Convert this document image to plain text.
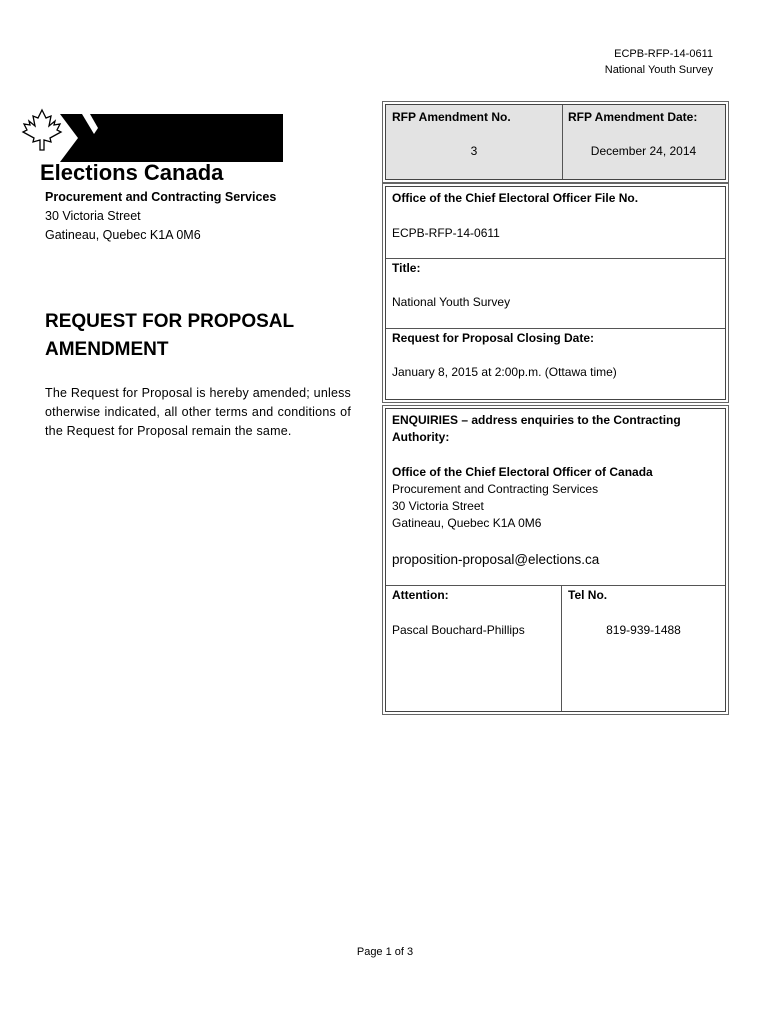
ECPB-RFP-14-0611
National Youth Survey
Elections Canada
Procurement and Contracting Services
30 Victoria Street
Gatineau, Quebec K1A 0M6
REQUEST FOR PROPOSAL
AMENDMENT
The Request for Proposal is hereby amended; unless otherwise indicated, all other terms and conditions of the Request for Proposal remain the same.
RFP Amendment No.
3
RFP Amendment Date:
December 24, 2014
Office of the Chief Electoral Officer File No.
ECPB-RFP-14-0611
Title:
National Youth Survey
Request for Proposal Closing Date:
January 8, 2015 at 2:00p.m. (Ottawa time)
ENQUIRIES – address enquiries to the Contracting
Authority:
Office of the Chief Electoral Officer of Canada
Procurement and Contracting Services
30 Victoria Street
Gatineau, Quebec K1A 0M6
proposition-proposal@elections.ca
Attention:
Pascal Bouchard-Phillips
Tel No.
819-939-1488
Page 1 of 3
